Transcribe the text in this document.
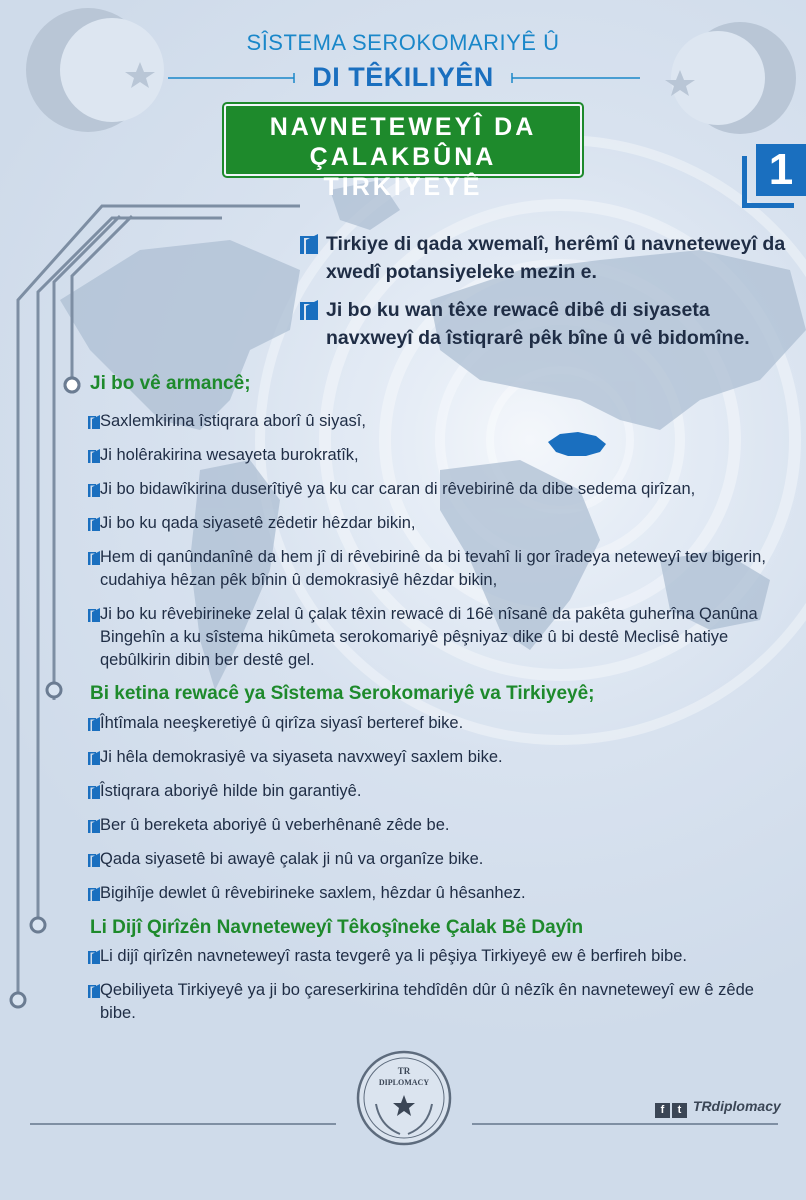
SÎSTEMA SEROKOMARIYÊ Û
DI TÊKILIYÊN
NAVNETEWEYÎ DA
ÇALAKBÛNA TIRKIYEYÊ	1
Tirkiye di qada xwemalî, herêmî û navneteweyî da xwedî potansiyeleke mezin e.
Ji bo ku wan têxe rewacê dibê di siyaseta navxweyî da îstiqrarê pêk bîne û vê bidomîne.
Ji bo vê armancê;
Saxlemkirina îstiqrara aborî û siyasî,
Ji holêrakirina wesayeta burokratîk,
Ji bo bidawîkirina duserîtiyê ya ku car caran di rêvebirinê da dibe sedema qirîzan,
Ji bo ku qada siyasetê zêdetir hêzdar bikin,
Hem di qanûndanînê da hem jî di rêvebirinê da bi tevahî li gor îradeya neteweyî tev bigerin, cudahiya hêzan pêk bînin û demokrasiyê hêzdar bikin,
Ji bo ku rêvebirineke zelal û çalak têxin rewacê di 16ê nîsanê da pakêta guherîna Qanûna Bingehîn a ku sîstema hikûmeta serokomariyê pêşniyaz dike û bi destê Meclisê hatiye qebûlkirin dibin ber destê gel.
Bi ketina rewacê ya Sîstema Serokomariyê va Tirkiyeyê;
Îhtîmala neeşkeretiyê û qirîza siyasî berteref bike.
Ji hêla demokrasiyê va siyaseta navxweyî saxlem bike.
Îstiqrara aboriyê hilde bin garantiyê.
Ber û bereketa aboriyê û veberhênanê zêde be.
Qada siyasetê bi awayê çalak ji nû va organîze bike.
Bigihîje dewlet û rêvebirineke saxlem, hêzdar û hêsanhez.
Li Dijî Qirîzên Navneteweyî Têkoşîneke Çalak Bê Dayîn
Li dijî qirîzên navneteweyî rasta tevgerê ya li pêşiya Tirkiyeyê ew ê berfireh bibe.
Qebiliyeta Tirkiyeyê ya ji bo çareserkirina tehdîdên dûr û nêzîk ên navneteweyî ew ê zêde bibe.
TR
DIPLOMACY
f t TRdiplomacy
